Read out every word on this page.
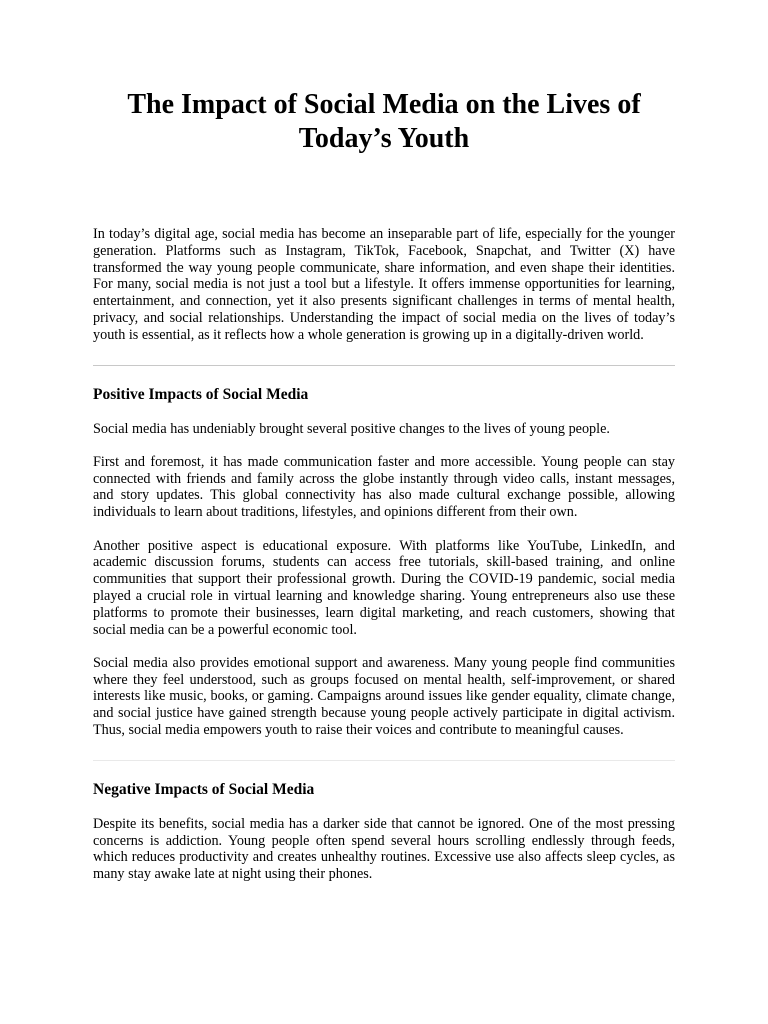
The Impact of Social Media on the Lives of Today’s Youth

In today’s digital age, social media has become an inseparable part of life, especially for the younger generation. Platforms such as Instagram, TikTok, Facebook, Snapchat, and Twitter (X) have transformed the way young people communicate, share information, and even shape their identities. For many, social media is not just a tool but a lifestyle. It offers immense opportunities for learning, entertainment, and connection, yet it also presents significant challenges in terms of mental health, privacy, and social relationships. Understanding the impact of social media on the lives of today’s youth is essential, as it reflects how a whole generation is growing up in a digitally-driven world.

Positive Impacts of Social Media

Social media has undeniably brought several positive changes to the lives of young people.

First and foremost, it has made communication faster and more accessible. Young people can stay connected with friends and family across the globe instantly through video calls, instant messages, and story updates. This global connectivity has also made cultural exchange possible, allowing individuals to learn about traditions, lifestyles, and opinions different from their own.

Another positive aspect is educational exposure. With platforms like YouTube, LinkedIn, and academic discussion forums, students can access free tutorials, skill-based training, and online communities that support their professional growth. During the COVID-19 pandemic, social media played a crucial role in virtual learning and knowledge sharing. Young entrepreneurs also use these platforms to promote their businesses, learn digital marketing, and reach customers, showing that social media can be a powerful economic tool.

Social media also provides emotional support and awareness. Many young people find communities where they feel understood, such as groups focused on mental health, self-improvement, or shared interests like music, books, or gaming. Campaigns around issues like gender equality, climate change, and social justice have gained strength because young people actively participate in digital activism. Thus, social media empowers youth to raise their voices and contribute to meaningful causes.

Negative Impacts of Social Media

Despite its benefits, social media has a darker side that cannot be ignored. One of the most pressing concerns is addiction. Young people often spend several hours scrolling endlessly through feeds, which reduces productivity and creates unhealthy routines. Excessive use also affects sleep cycles, as many stay awake late at night using their phones.
